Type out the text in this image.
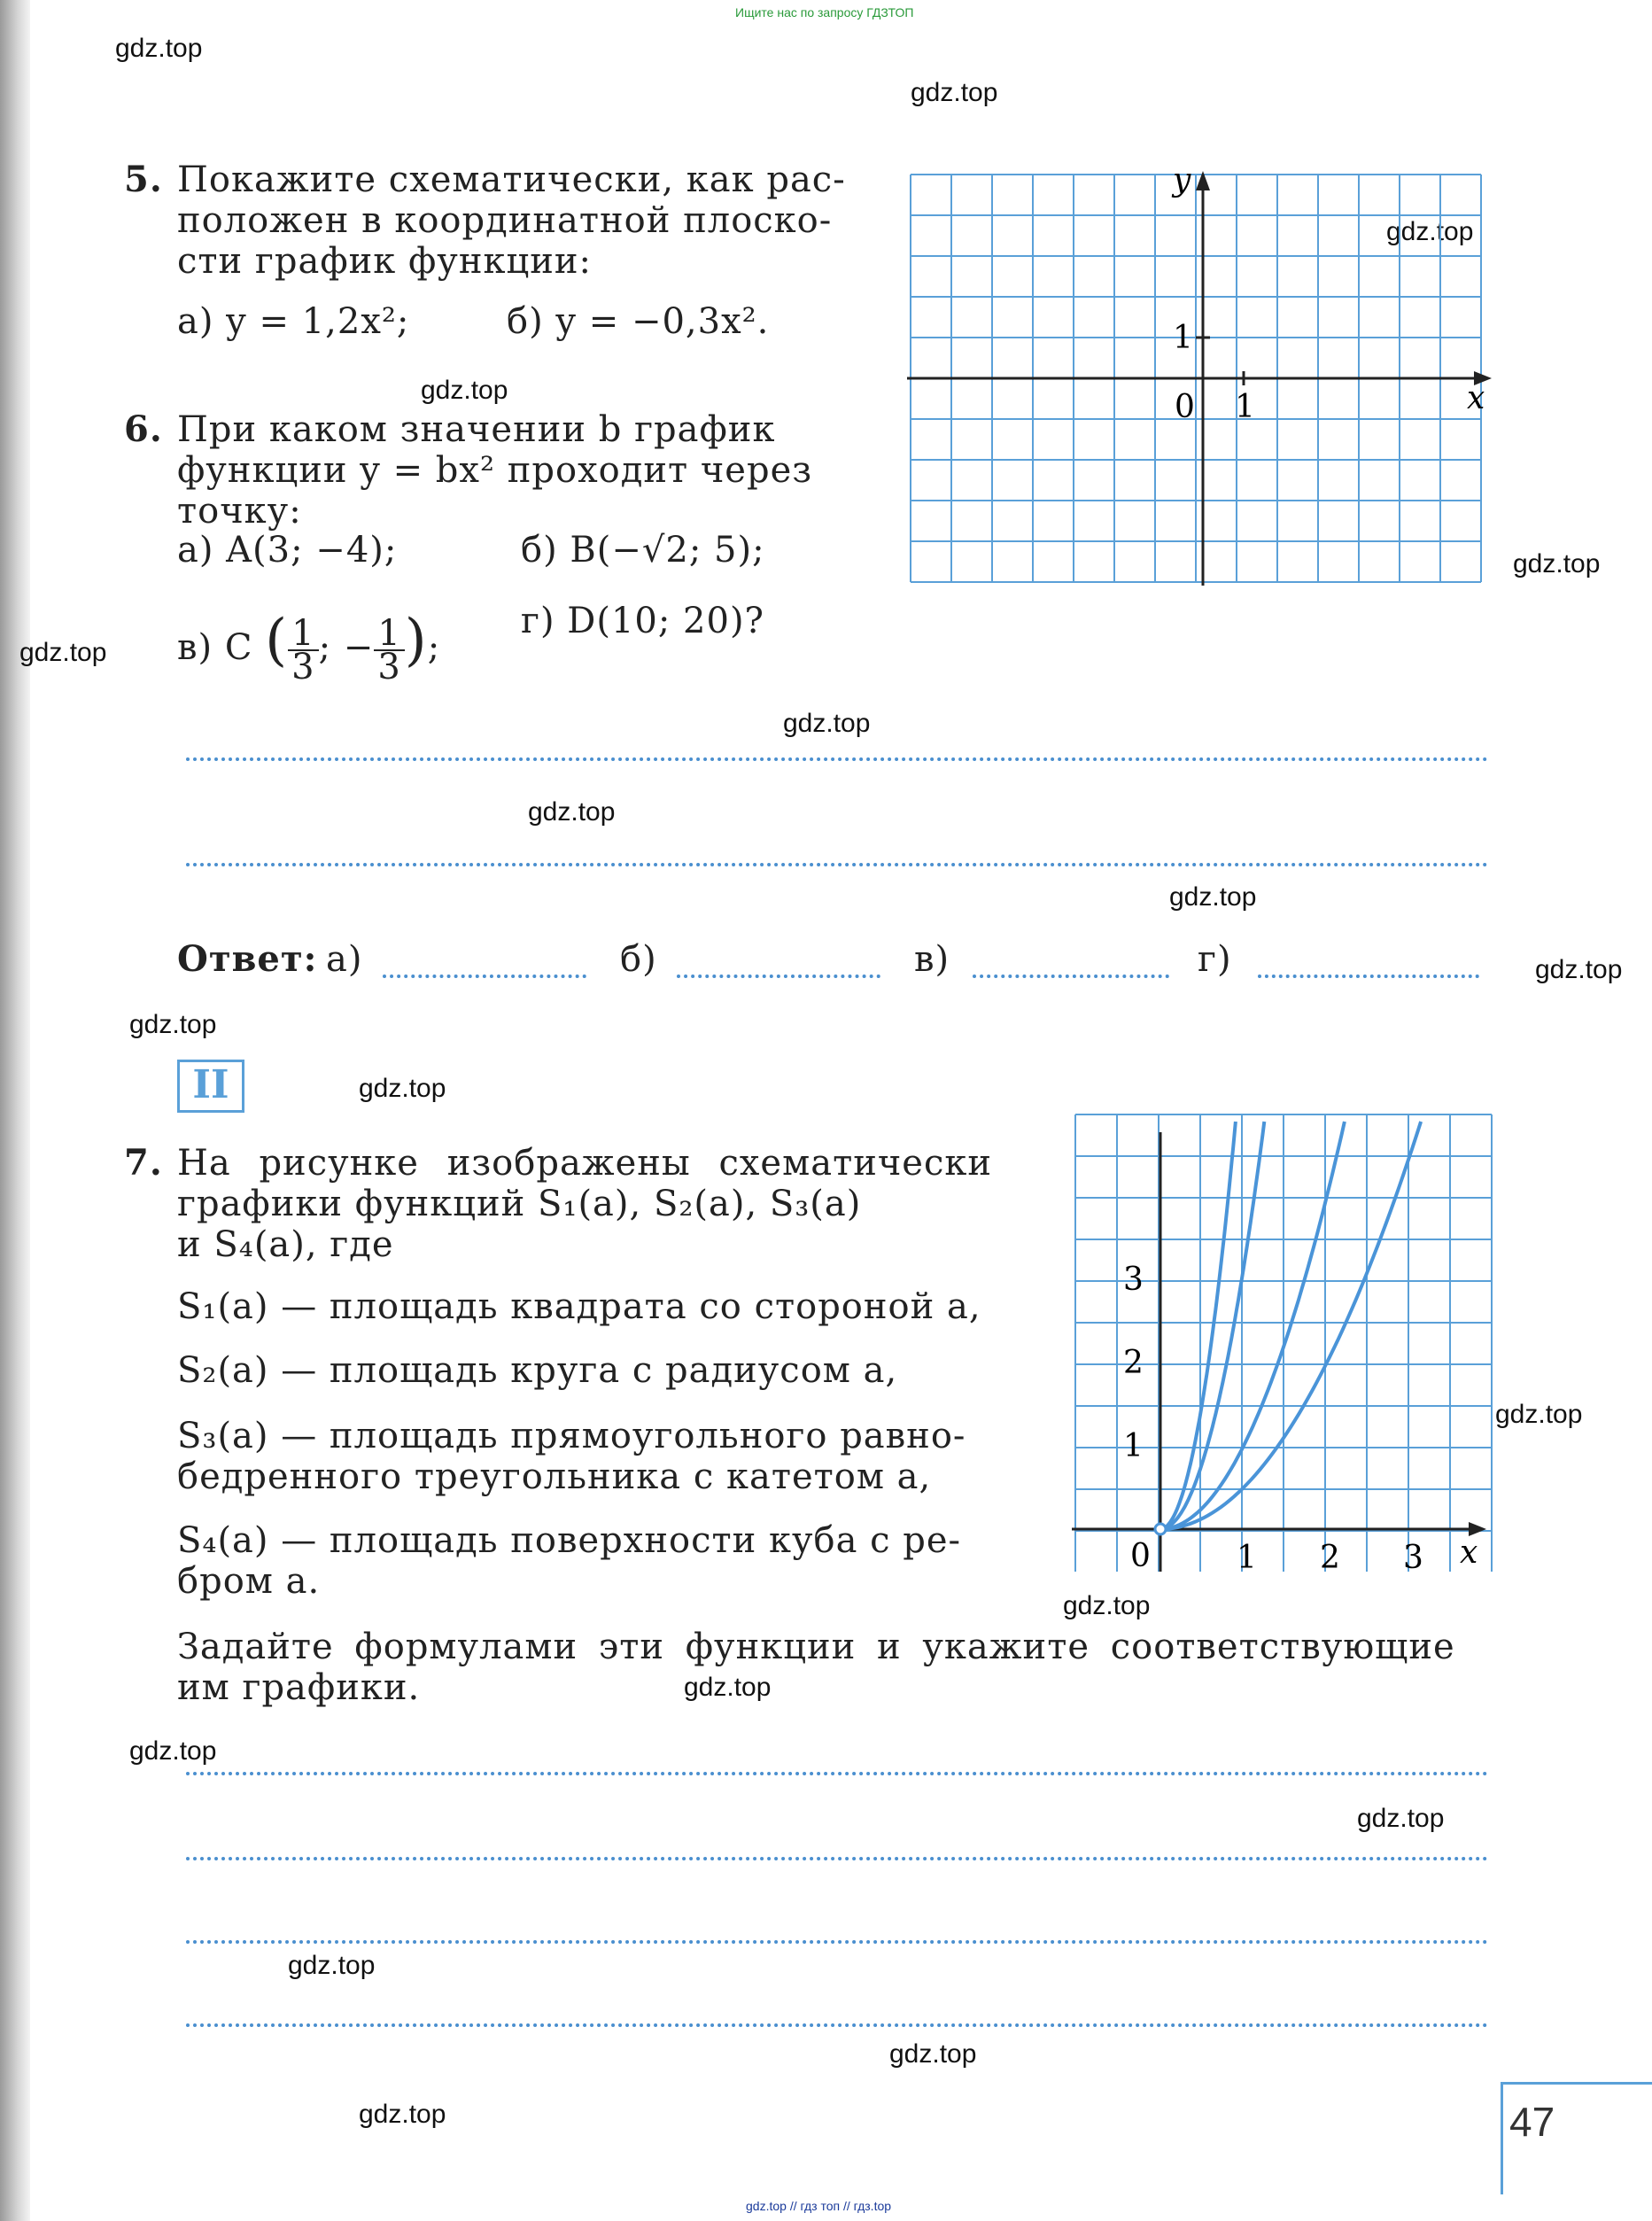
Ищите нас по запросу ГДЗТОП
gdz.top
gdz.top
gdz.top
gdz.top
gdz.top
gdz.top
gdz.top
gdz.top
gdz.top
gdz.top
gdz.top
gdz.top
gdz.top
gdz.top
gdz.top
gdz.top
gdz.top
gdz.top
gdz.top
gdz.top
5. Покажите схематически, как рас-
положен в координатной плоско-
сти график функции:
а) y = 1,2x²;	б) y = −0,3x².
y
x
1
1
0
6. При каком значении b график
функции y = bx² проходит через
точку:
а) A(3; −4);	б) B(−√2; 5);
в) C ( $\frac{1}{3}$ ; − $\frac{1}{3}$ );
г) D(10; 20)?
Ответ: а)	б)	в)	г)
II
7. На рисунке изображены схематически
графики функций S₁(a), S₂(a), S₃(a)
и S₄(a), где
S₁(a) — площадь квадрата со стороной a,
S₂(a) — площадь круга с радиусом a,
S₃(a) — площадь прямоугольного равно-
бедренного треугольника с катетом a,
S₄(a) — площадь поверхности куба с ре-
бром a.
Задайте формулами эти функции и укажите соответствующие
им графики.
0	1 2 3 x
1
2
3
47
gdz.top // гдз топ // гдз.top
